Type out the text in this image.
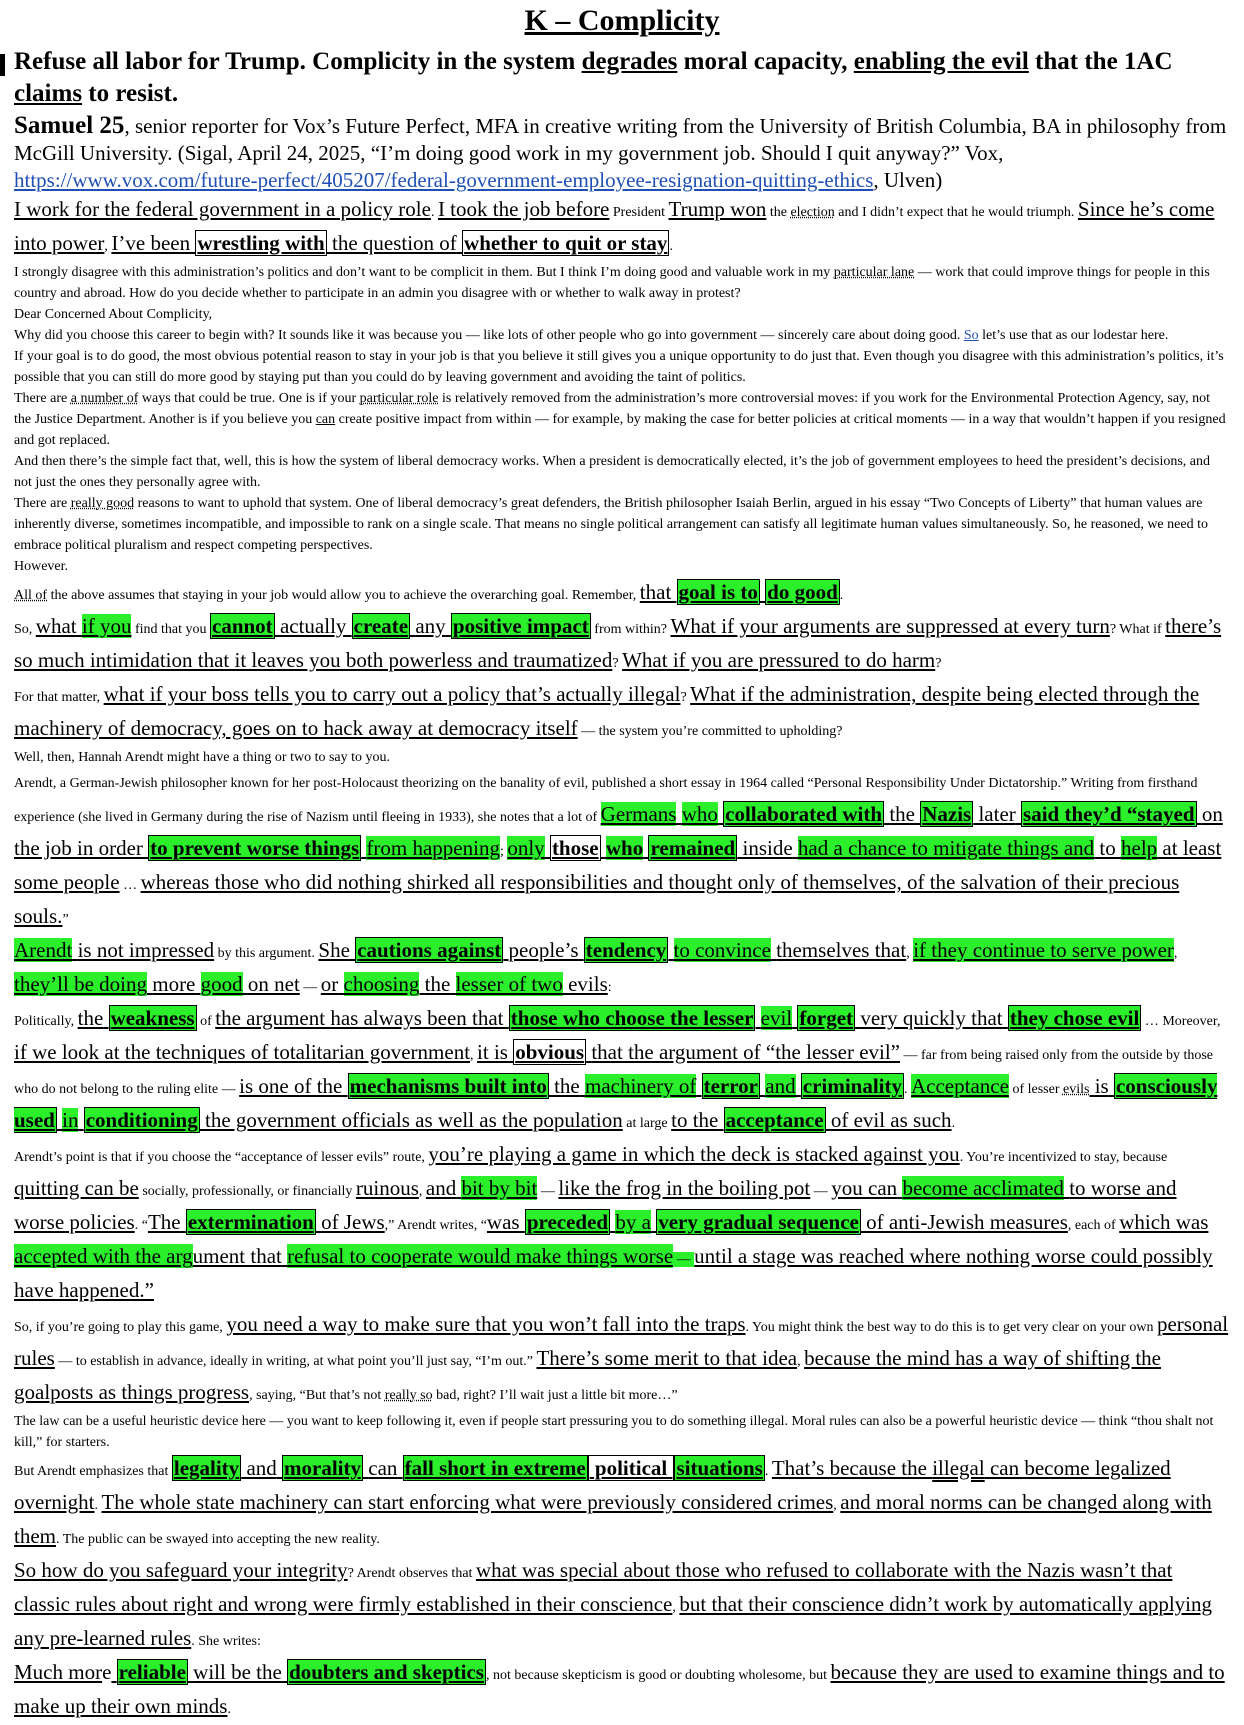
K – Complicity

Refuse all labor for Trump. Complicity in the system degrades moral capacity, enabling the evil that the 1AC claims to resist.

Samuel 25, senior reporter for Vox’s Future Perfect, MFA in creative writing from the University of British Columbia, BA in philosophy from McGill University. (Sigal, April 24, 2025, “I’m doing good work in my government job. Should I quit anyway?” Vox, https://www.vox.com/future-perfect/405207/federal-government-employee-resignation-quitting-ethics, Ulven)

I work for the federal government in a policy role. I took the job before President Trump won the election and I didn’t expect that he would triumph. Since he’s come into power, I’ve been wrestling with the question of whether to quit or stay .

I strongly disagree with this administration’s politics and don’t want to be complicit in them. But I think I’m doing good and valuable work in my particular lane — work that could improve things for people in this country and abroad. How do you decide whether to participate in an admin you disagree with or whether to walk away in protest?

Dear Concerned About Complicity,

Why did you choose this career to begin with? It sounds like it was because you — like lots of other people who go into government — sincerely care about doing good. So let’s use that as our lodestar here.

If your goal is to do good, the most obvious potential reason to stay in your job is that you believe it still gives you a unique opportunity to do just that. Even though you disagree with this administration’s politics, it’s possible that you can still do more good by staying put than you could do by leaving government and avoiding the taint of politics.

There are a number of ways that could be true. One is if your particular role is relatively removed from the administration’s more controversial moves: if you work for the Environmental Protection Agency, say, not the Justice Department. Another is if you believe you can create positive impact from within — for example, by making the case for better policies at critical moments — in a way that wouldn’t happen if you resigned and got replaced.

And then there’s the simple fact that, well, this is how the system of liberal democracy works. When a president is democratically elected, it’s the job of government employees to heed the president’s decisions, and not just the ones they personally agree with.

There are really good reasons to want to uphold that system. One of liberal democracy’s great defenders, the British philosopher Isaiah Berlin, argued in his essay “Two Concepts of Liberty” that human values are inherently diverse, sometimes incompatible, and impossible to rank on a single scale. That means no single political arrangement can satisfy all legitimate human values simultaneously. So, he reasoned, we need to embrace political pluralism and respect competing perspectives.

However.

All of the above assumes that staying in your job would allow you to achieve the overarching goal. Remember, that goal is to do good .

So, what if you find that you cannot actually create any positive impact from within? What if your arguments are suppressed at every turn? What if there’s so much intimidation that it leaves you both powerless and traumatized? What if you are pressured to do harm?

For that matter, what if your boss tells you to carry out a policy that’s actually illegal? What if the administration, despite being elected through the machinery of democracy, goes on to hack away at democracy itself — the system you’re committed to upholding?

Well, then, Hannah Arendt might have a thing or two to say to you.

Arendt, a German-Jewish philosopher known for her post-Holocaust theorizing on the banality of evil, published a short essay in 1964 called “Personal Responsibility Under Dictatorship.” Writing from firsthand experience (she lived in Germany during the rise of Nazism until fleeing in 1933), she notes that a lot of Germans who collaborated with the Nazis later said they’d “stayed on the job in order to prevent worse things from happening; only those who remained inside had a chance to mitigate things and to help at least some people … whereas those who did nothing shirked all responsibilities and thought only of themselves, of the salvation of their precious souls.”

Arendt is not impressed by this argument. She cautions against people’s tendency to convince themselves that, if they continue to serve power, they’ll be doing more good on net — or choosing the lesser of two evils:

Politically, the weakness of the argument has always been that those who choose the lesser evil forget very quickly that they chose evil … Moreover, if we look at the techniques of totalitarian government, it is obvious that the argument of “the lesser evil” — far from being raised only from the outside by those who do not belong to the ruling elite — is one of the mechanisms built into the machinery of terror and criminality . Acceptance of lesser evils is consciously used in conditioning the government officials as well as the population at large to the acceptance of evil as such.

Arendt’s point is that if you choose the “acceptance of lesser evils” route, you’re playing a game in which the deck is stacked against you. You’re incentivized to stay, because quitting can be socially, professionally, or financially ruinous, and bit by bit — like the frog in the boiling pot — you can become acclimated to worse and worse policies. “The extermination of Jews,” Arendt writes, “was preceded by a very gradual sequence of anti-Jewish measures, each of which was accepted with the argument that refusal to cooperate would make things worse — until a stage was reached where nothing worse could possibly have happened.”

So, if you’re going to play this game, you need a way to make sure that you won’t fall into the traps. You might think the best way to do this is to get very clear on your own personal rules — to establish in advance, ideally in writing, at what point you’ll just say, “I’m out.” There’s some merit to that idea, because the mind has a way of shifting the goalposts as things progress, saying, “But that’s not really so bad, right? I’ll wait just a little bit more…”

The law can be a useful heuristic device here — you want to keep following it, even if people start pressuring you to do something illegal. Moral rules can also be a powerful heuristic device — think “thou shalt not kill,” for starters.

But Arendt emphasizes that legality and morality can fall short in extreme political situations . That’s because the illegal can become legalized overnight. The whole state machinery can start enforcing what were previously considered crimes, and moral norms can be changed along with them. The public can be swayed into accepting the new reality.

So how do you safeguard your integrity? Arendt observes that what was special about those who refused to collaborate with the Nazis wasn’t that classic rules about right and wrong were firmly established in their conscience, but that their conscience didn’t work by automatically applying any pre-learned rules. She writes:

Much more reliable will be the doubters and skeptics , not because skepticism is good or doubting wholesome, but because they are used to examine things and to make up their own minds.
